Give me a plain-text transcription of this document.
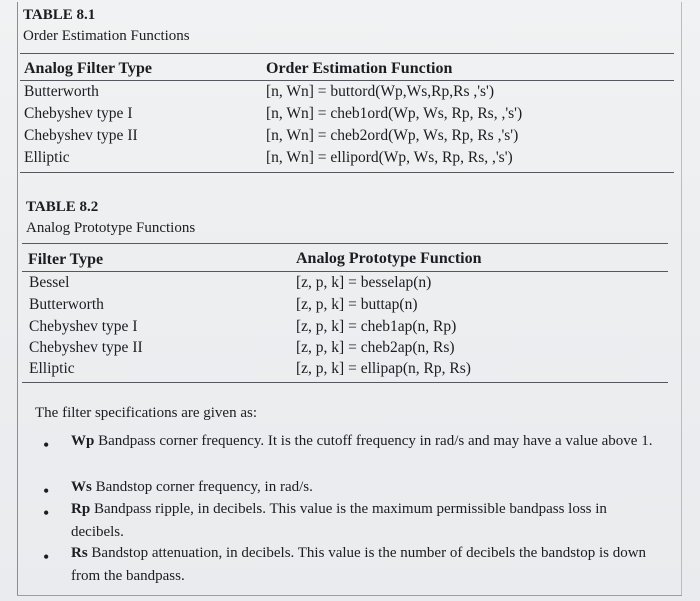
TABLE 8.1
Order Estimation Functions
Analog Filter Type	Order Estimation Function
Butterworth	[n, Wn] = buttord(Wp,Ws,Rp,Rs ,'s')
Chebyshev type I	[n, Wn] = cheb1ord(Wp, Ws, Rp, Rs, ,'s')
Chebyshev type II	[n, Wn] = cheb2ord(Wp, Ws, Rp, Rs ,'s')
Elliptic	[n, Wn] = ellipord(Wp, Ws, Rp, Rs, ,'s')
TABLE 8.2
Analog Prototype Functions
Filter Type	Analog Prototype Function
Bessel	[z, p, k] = besselap(n)
Butterworth	[z, p, k] = buttap(n)
Chebyshev type I	[z, p, k] = cheb1ap(n, Rp)
Chebyshev type II	[z, p, k] = cheb2ap(n, Rs)
Elliptic	[z, p, k] = ellipap(n, Rp, Rs)
The filter specifications are given as:
• Wp Bandpass corner frequency. It is the cutoff frequency in rad/s and may have a value above 1.
• Ws Bandstop corner frequency, in rad/s.
• Rp Bandpass ripple, in decibels. This value is the maximum permissible bandpass loss in decibels.
• Rs Bandstop attenuation, in decibels. This value is the number of decibels the bandstop is down from the bandpass.
